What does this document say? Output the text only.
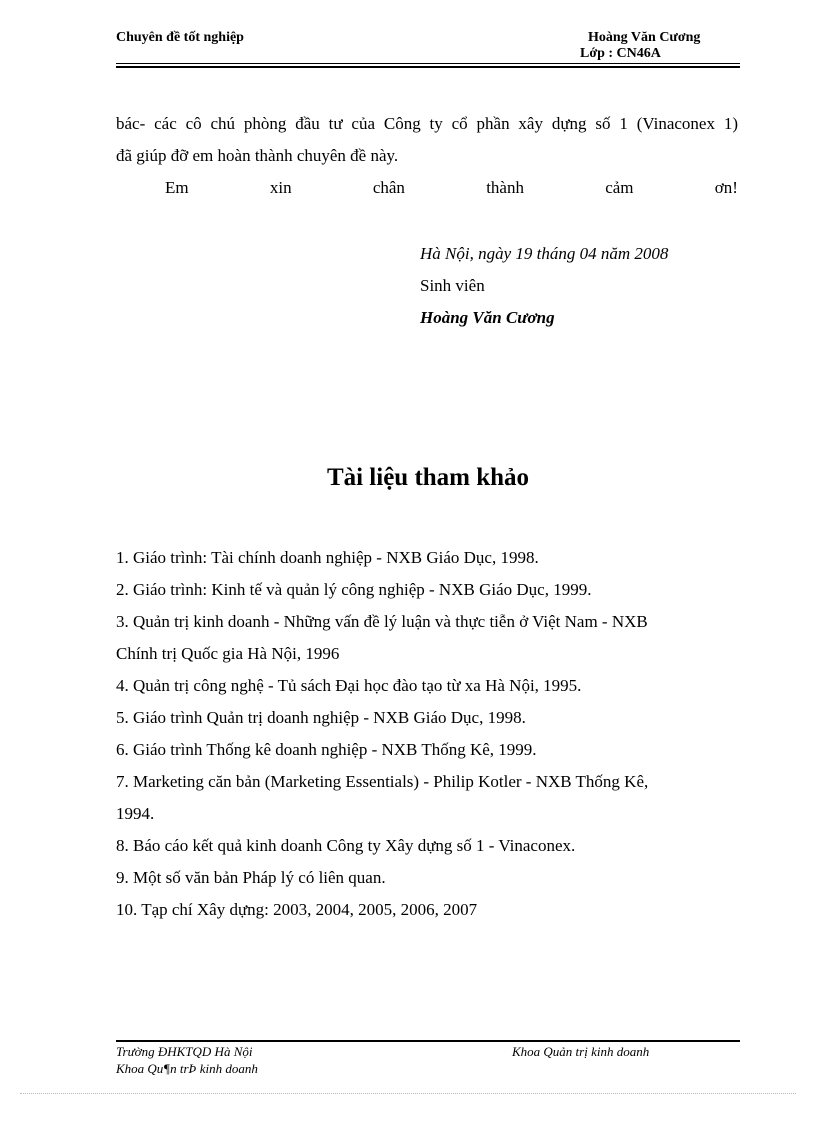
Chuyên đề tốt nghiệp	Hoàng Văn Cương
Lớp : CN46A
bác- các cô chú phòng đầu tư của Công ty cổ phần xây dựng số 1 (Vinaconex 1)
đã giúp đỡ em hoàn thành chuyên đề này.
Em	xin	chân	thành	cảm	ơn!
Hà Nội, ngày 19 tháng 04 năm 2008
Sinh viên
Hoàng Văn Cương
Tài liệu tham khảo
1. Giáo trình: Tài chính doanh nghiệp - NXB Giáo Dục, 1998.
2. Giáo trình: Kinh tế và quản lý công nghiệp - NXB Giáo Dục, 1999.
3. Quản trị kinh doanh - Những vấn đề lý luận và thực tiễn ở Việt Nam - NXB
Chính trị Quốc gia Hà Nội, 1996
4. Quản trị công nghệ - Tủ sách Đại học đào tạo từ xa Hà Nội, 1995.
5. Giáo trình Quản trị doanh nghiệp - NXB Giáo Dục, 1998.
6. Giáo trình Thống kê doanh nghiệp - NXB Thống Kê, 1999.
7. Marketing căn bản (Marketing Essentials) - Philip Kotler - NXB Thống Kê,
1994.
8. Báo cáo kết quả kinh doanh Công ty Xây dựng số 1 - Vinaconex.
9. Một số văn bản Pháp lý có liên quan.
10. Tạp chí Xây dựng: 2003, 2004, 2005, 2006, 2007
Trường ĐHKTQD Hà Nội
Khoa Qu¶n trÞ kinh doanh
Khoa Quản trị kinh doanh
